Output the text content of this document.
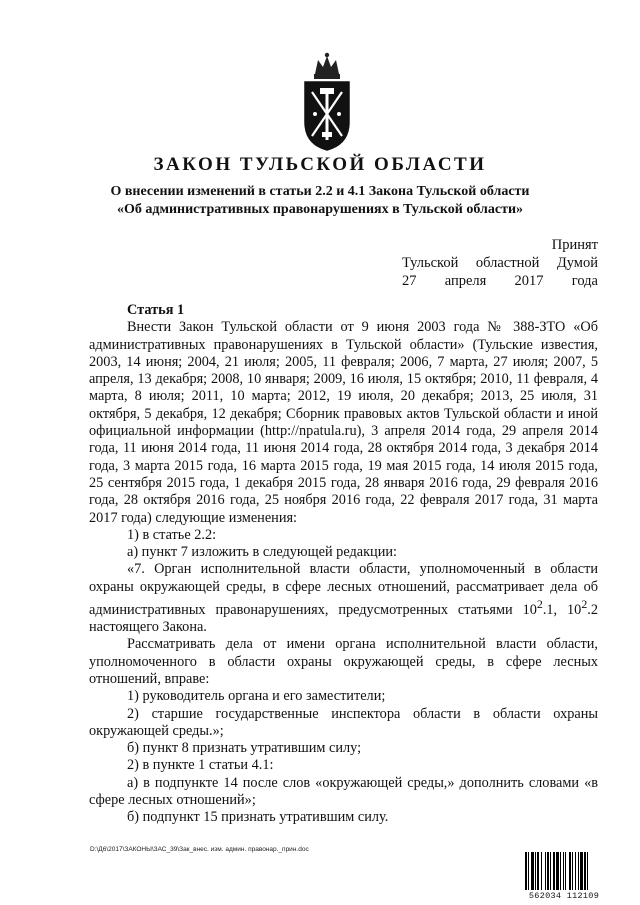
ЗАКОН ТУЛЬСКОЙ ОБЛАСТИ
О внесении изменений в статьи 2.2 и 4.1 Закона Тульской области
«Об административных правонарушениях в Тульской области»
Принят
Тульской областной Думой
27 апреля 2017 года

Статья 1

Внести Закон Тульской области от 9 июня 2003 года № 388-ЗТО «Об административных правонарушениях в Тульской области» (Тульские известия, 2003, 14 июня; 2004, 21 июля; 2005, 11 февраля; 2006, 7 марта, 27 июля; 2007, 5 апреля, 13 декабря; 2008, 10 января; 2009, 16 июля, 15 октября; 2010, 11 февраля, 4 марта, 8 июля; 2011, 10 марта; 2012, 19 июля, 20 декабря; 2013, 25 июля, 31 октября, 5 декабря, 12 декабря; Сборник правовых актов Тульской области и иной официальной информации (http://npatula.ru), 3 апреля 2014 года, 29 апреля 2014 года, 11 июня 2014 года, 11 июня 2014 года, 28 октября 2014 года, 3 декабря 2014 года, 3 марта 2015 года, 16 марта 2015 года, 19 мая 2015 года, 14 июля 2015 года, 25 сентября 2015 года, 1 декабря 2015 года, 28 января 2016 года, 29 февраля 2016 года, 28 октября 2016 года, 25 ноября 2016 года, 22 февраля 2017 года, 31 марта 2017 года) следующие изменения:

1) в статье 2.2:

а) пункт 7 изложить в следующей редакции:

«7. Орган исполнительной власти области, уполномоченный в области охраны окружающей среды, в сфере лесных отношений, рассматривает дела об административных правонарушениях, предусмотренных статьями $10^2.1$, $10^2.2$ настоящего Закона.

Рассматривать дела от имени органа исполнительной власти области, уполномоченного в области охраны окружающей среды, в сфере лесных отношений, вправе:

1) руководитель органа и его заместители;

2) старшие государственные инспектора области в области охраны окружающей среды.»;

б) пункт 8 признать утратившим силу;

2) в пункте 1 статьи 4.1:

а) в подпункте 14 после слов «окружающей среды,» дополнить словами «в сфере лесных отношений»;

б) подпункт 15 признать утратившим силу.

D:\Д6\2017\ЗАКОНЫ\ЗАС_39\Зак_внес. изм. админ. правонар._прин.doc
562034 112109
